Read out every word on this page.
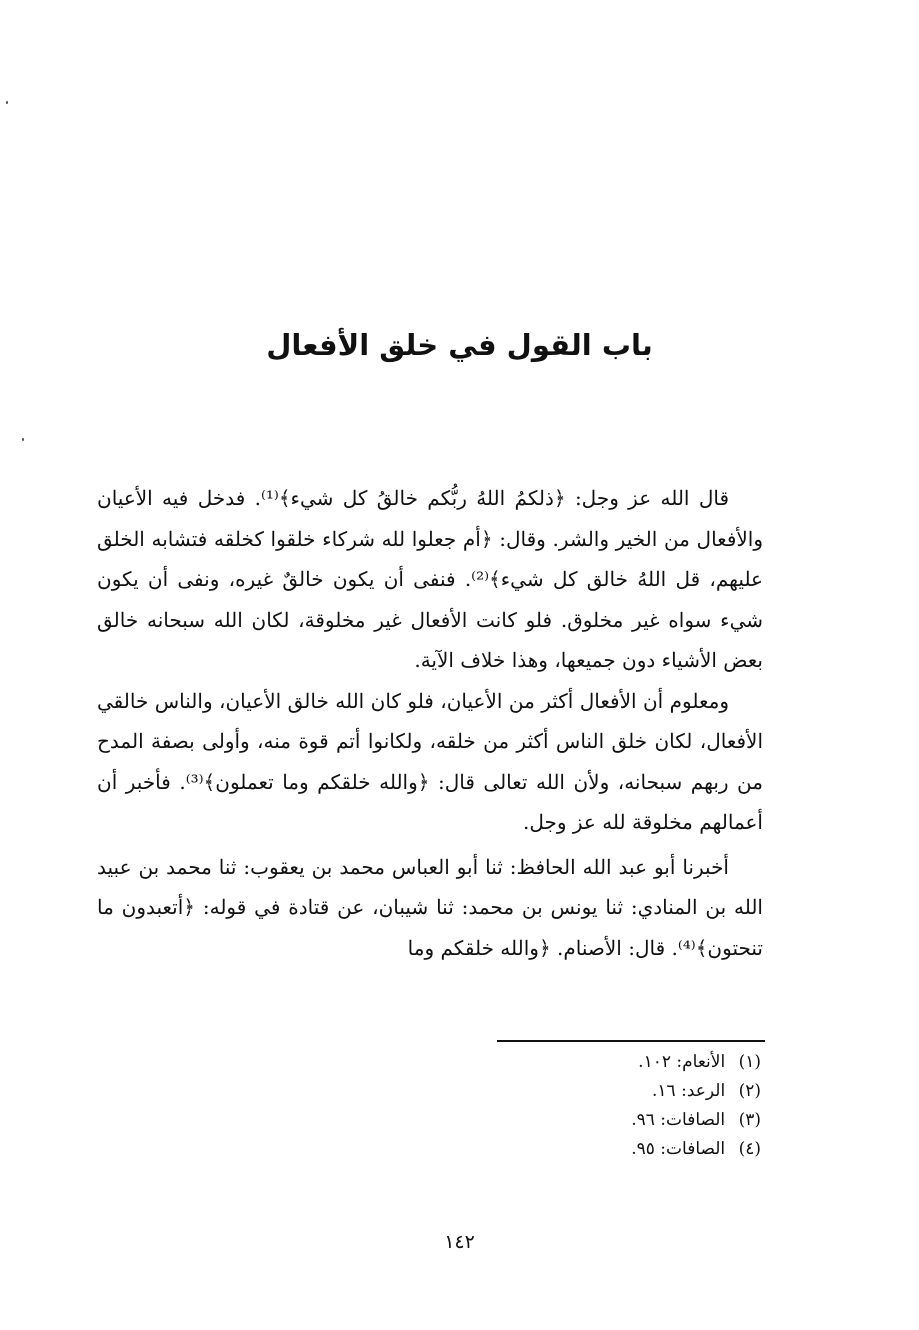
باب القول في خلق الأفعال

قال الله عز وجل: ﴿ذلكمُ اللهُ ربُّكم خالقُ كل شيء﴾⁽¹⁾. فدخل فيه الأعيان والأفعال من الخير والشر. وقال: ﴿أم جعلوا لله شركاء خلقوا كخلقه فتشابه الخلق عليهم، قل اللهُ خالق كل شيء﴾⁽²⁾. فنفى أن يكون خالقٌ غيره، ونفى أن يكون شيء سواه غير مخلوق. فلو كانت الأفعال غير مخلوقة، لكان الله سبحانه خالق بعض الأشياء دون جميعها، وهذا خلاف الآية.

ومعلوم أن الأفعال أكثر من الأعيان، فلو كان الله خالق الأعيان، والناس خالقي الأفعال، لكان خلق الناس أكثر من خلقه، ولكانوا أتم قوة منه، وأولى بصفة المدح من ربهم سبحانه، ولأن الله تعالى قال: ﴿والله خلقكم وما تعملون﴾⁽³⁾. فأخبر أن أعمالهم مخلوقة لله عز وجل.

أخبرنا أبو عبد الله الحافظ: ثنا أبو العباس محمد بن يعقوب: ثنا محمد بن عبيد الله بن المنادي: ثنا يونس بن محمد: ثنا شيبان، عن قتادة في قوله: ﴿أتعبدون ما تنحتون﴾⁽⁴⁾. قال: الأصنام. ﴿والله خلقكم وما

(١) الأنعام: ١٠٢.
(٢) الرعد: ١٦.
(٣) الصافات: ٩٦.
(٤) الصافات: ٩٥.
١٤٢
